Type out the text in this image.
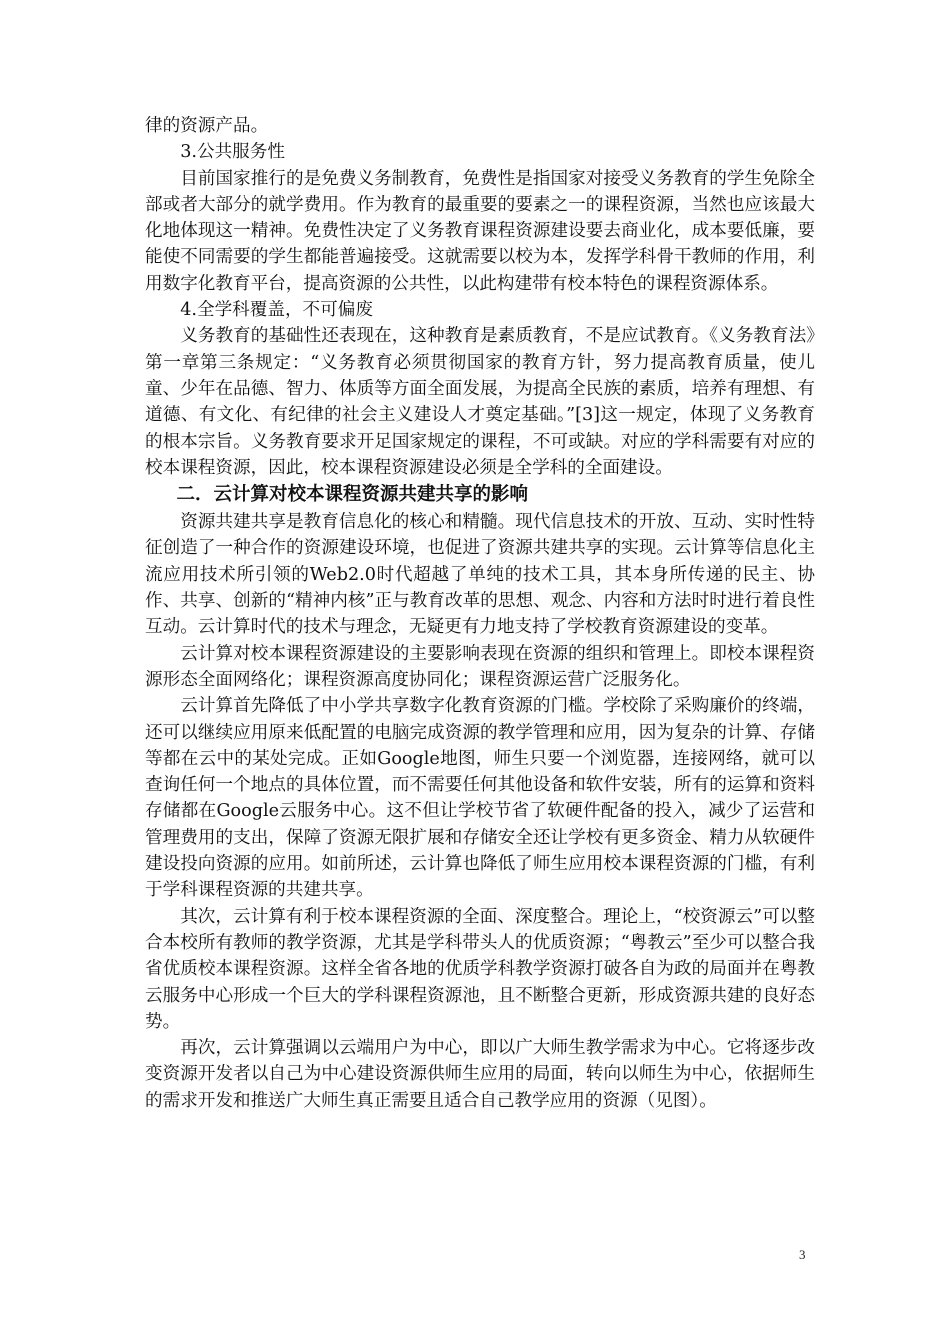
律的资源产品。

3.公共服务性

目前国家推行的是免费义务制教育，免费性是指国家对接受义务教育的学生免除全部或者大部分的就学费用。作为教育的最重要的要素之一的课程资源，当然也应该最大化地体现这一精神。免费性决定了义务教育课程资源建设要去商业化，成本要低廉，要能使不同需要的学生都能普遍接受。这就需要以校为本，发挥学科骨干教师的作用，利用数字化教育平台，提高资源的公共性，以此构建带有校本特色的课程资源体系。

4.全学科覆盖，不可偏废

义务教育的基础性还表现在，这种教育是素质教育，不是应试教育。《义务教育法》第一章第三条规定：“义务教育必须贯彻国家的教育方针，努力提高教育质量，使儿童、少年在品德、智力、体质等方面全面发展，为提高全民族的素质，培养有理想、有道德、有文化、有纪律的社会主义建设人才奠定基础。”[3]这一规定，体现了义务教育的根本宗旨。义务教育要求开足国家规定的课程，不可或缺。对应的学科需要有对应的校本课程资源，因此，校本课程资源建设必须是全学科的全面建设。

二．云计算对校本课程资源共建共享的影响

资源共建共享是教育信息化的核心和精髓。现代信息技术的开放、互动、实时性特征创造了一种合作的资源建设环境，也促进了资源共建共享的实现。云计算等信息化主流应用技术所引领的Web2.0时代超越了单纯的技术工具，其本身所传递的民主、协作、共享、创新的“精神内核”正与教育改革的思想、观念、内容和方法时时进行着良性互动。云计算时代的技术与理念，无疑更有力地支持了学校教育资源建设的变革。

云计算对校本课程资源建设的主要影响表现在资源的组织和管理上。即校本课程资源形态全面网络化；课程资源高度协同化；课程资源运营广泛服务化。

云计算首先降低了中小学共享数字化教育资源的门槛。学校除了采购廉价的终端，还可以继续应用原来低配置的电脑完成资源的教学管理和应用，因为复杂的计算、存储等都在云中的某处完成。正如Google地图，师生只要一个浏览器，连接网络，就可以查询任何一个地点的具体位置，而不需要任何其他设备和软件安装，所有的运算和资料存储都在Google云服务中心。这不但让学校节省了软硬件配备的投入，减少了运营和管理费用的支出，保障了资源无限扩展和存储安全还让学校有更多资金、精力从软硬件建设投向资源的应用。如前所述，云计算也降低了师生应用校本课程资源的门槛，有利于学科课程资源的共建共享。

其次，云计算有利于校本课程资源的全面、深度整合。理论上，“校资源云”可以整合本校所有教师的教学资源，尤其是学科带头人的优质资源；“粤教云”至少可以整合我省优质校本课程资源。这样全省各地的优质学科教学资源打破各自为政的局面并在粤教云服务中心形成一个巨大的学科课程资源池，且不断整合更新，形成资源共建的良好态势。

再次，云计算强调以云端用户为中心，即以广大师生教学需求为中心。它将逐步改变资源开发者以自己为中心建设资源供师生应用的局面，转向以师生为中心，依据师生的需求开发和推送广大师生真正需要且适合自己教学应用的资源（见图）。

3
